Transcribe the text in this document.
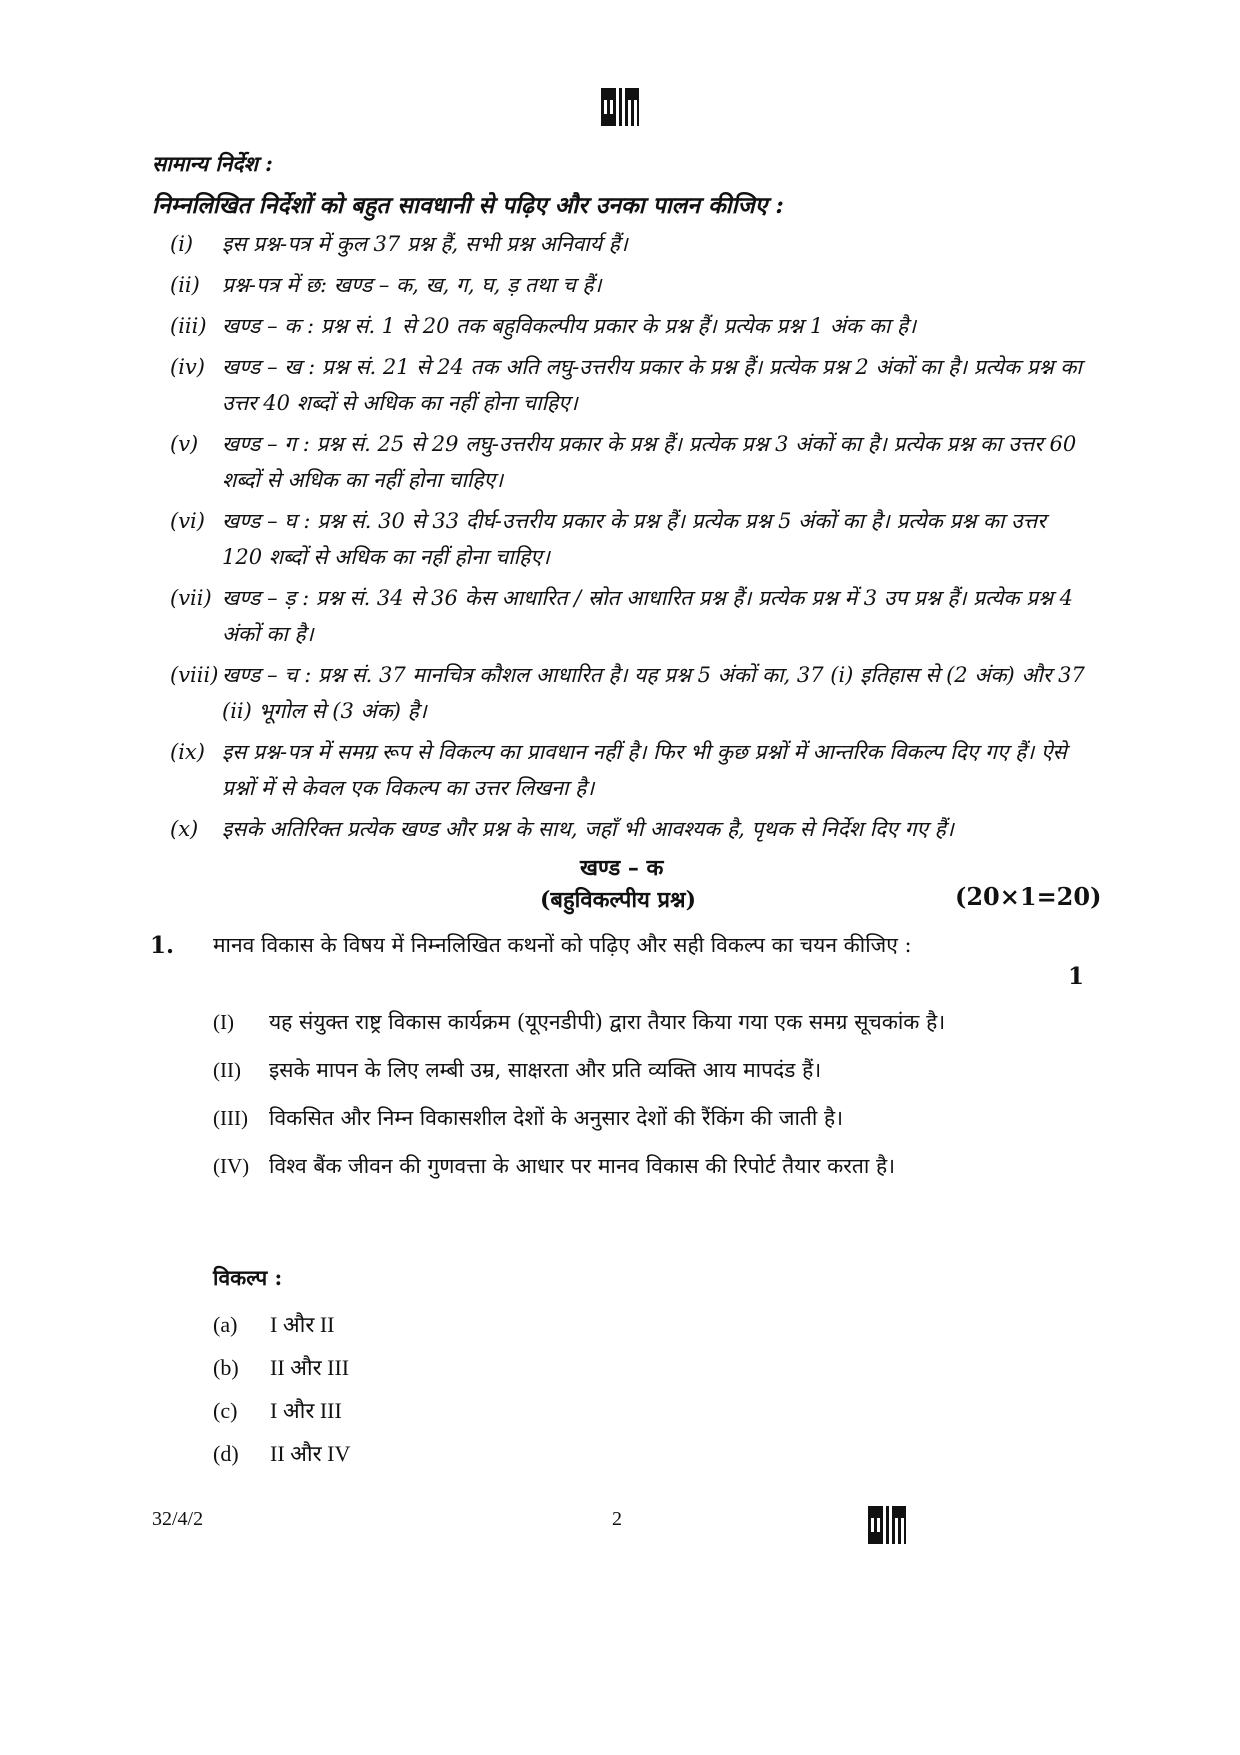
सामान्य निर्देश :
निम्नलिखित निर्देशों को बहुत सावधानी से पढ़िए और उनका पालन कीजिए :
(i)	इस प्रश्न-पत्र में कुल 37 प्रश्न हैं, सभी प्रश्न अनिवार्य हैं।
(ii)	प्रश्न-पत्र में छ: खण्ड – क, ख, ग, घ, ड़ तथा च हैं।
(iii) खण्ड – क : प्रश्न सं. 1 से 20 तक बहुविकल्पीय प्रकार के प्रश्न हैं। प्रत्येक प्रश्न 1 अंक का है।
(iv) खण्ड – ख : प्रश्न सं. 21 से 24 तक अति लघु-उत्तरीय प्रकार के प्रश्न हैं। प्रत्येक प्रश्न 2 अंकों का है। प्रत्येक प्रश्न का उत्तर 40 शब्दों से अधिक का नहीं होना चाहिए।
(v)	खण्ड – ग : प्रश्न सं. 25 से 29 लघु-उत्तरीय प्रकार के प्रश्न हैं। प्रत्येक प्रश्न 3 अंकों का है। प्रत्येक प्रश्न का उत्तर 60 शब्दों से अधिक का नहीं होना चाहिए।
(vi) खण्ड – घ : प्रश्न सं. 30 से 33 दीर्घ-उत्तरीय प्रकार के प्रश्न हैं। प्रत्येक प्रश्न 5 अंकों का है। प्रत्येक प्रश्न का उत्तर 120 शब्दों से अधिक का नहीं होना चाहिए।
(vii) खण्ड – ड़ : प्रश्न सं. 34 से 36 केस आधारित / स्रोत आधारित प्रश्न हैं। प्रत्येक प्रश्न में 3 उप प्रश्न हैं। प्रत्येक प्रश्न 4 अंकों का है।
(viii) खण्ड – च : प्रश्न सं. 37 मानचित्र कौशल आधारित है। यह प्रश्न 5 अंकों का, 37 (i) इतिहास से (2 अंक) और 37 (ii) भूगोल से (3 अंक) है।
(ix) इस प्रश्न-पत्र में समग्र रूप से विकल्प का प्रावधान नहीं है। फिर भी कुछ प्रश्नों में आन्तरिक विकल्प दिए गए हैं। ऐसे प्रश्नों में से केवल एक विकल्प का उत्तर लिखना है।
(x)	इसके अतिरिक्त प्रत्येक खण्ड और प्रश्न के साथ, जहाँ भी आवश्यक है, पृथक से निर्देश दिए गए हैं।
खण्ड – क
(बहुविकल्पीय प्रश्न)	(20×1=20)
1. मानव विकास के विषय में निम्नलिखित कथनों को पढ़िए और सही विकल्प का चयन कीजिए :
1
(I)	यह संयुक्त राष्ट्र विकास कार्यक्रम (यूएनडीपी) द्वारा तैयार किया गया एक समग्र सूचकांक है।
(II)	इसके मापन के लिए लम्बी उम्र, साक्षरता और प्रति व्यक्ति आय मापदंड हैं।
(III)	विकसित और निम्न विकासशील देशों के अनुसार देशों की रैंकिंग की जाती है।
(IV) विश्व बैंक जीवन की गुणवत्ता के आधार पर मानव विकास की रिपोर्ट तैयार करता है।
विकल्प :
(a)	I और II
(b)	II और III
(c)	I और III
(d)	II और IV
32/4/2	2
